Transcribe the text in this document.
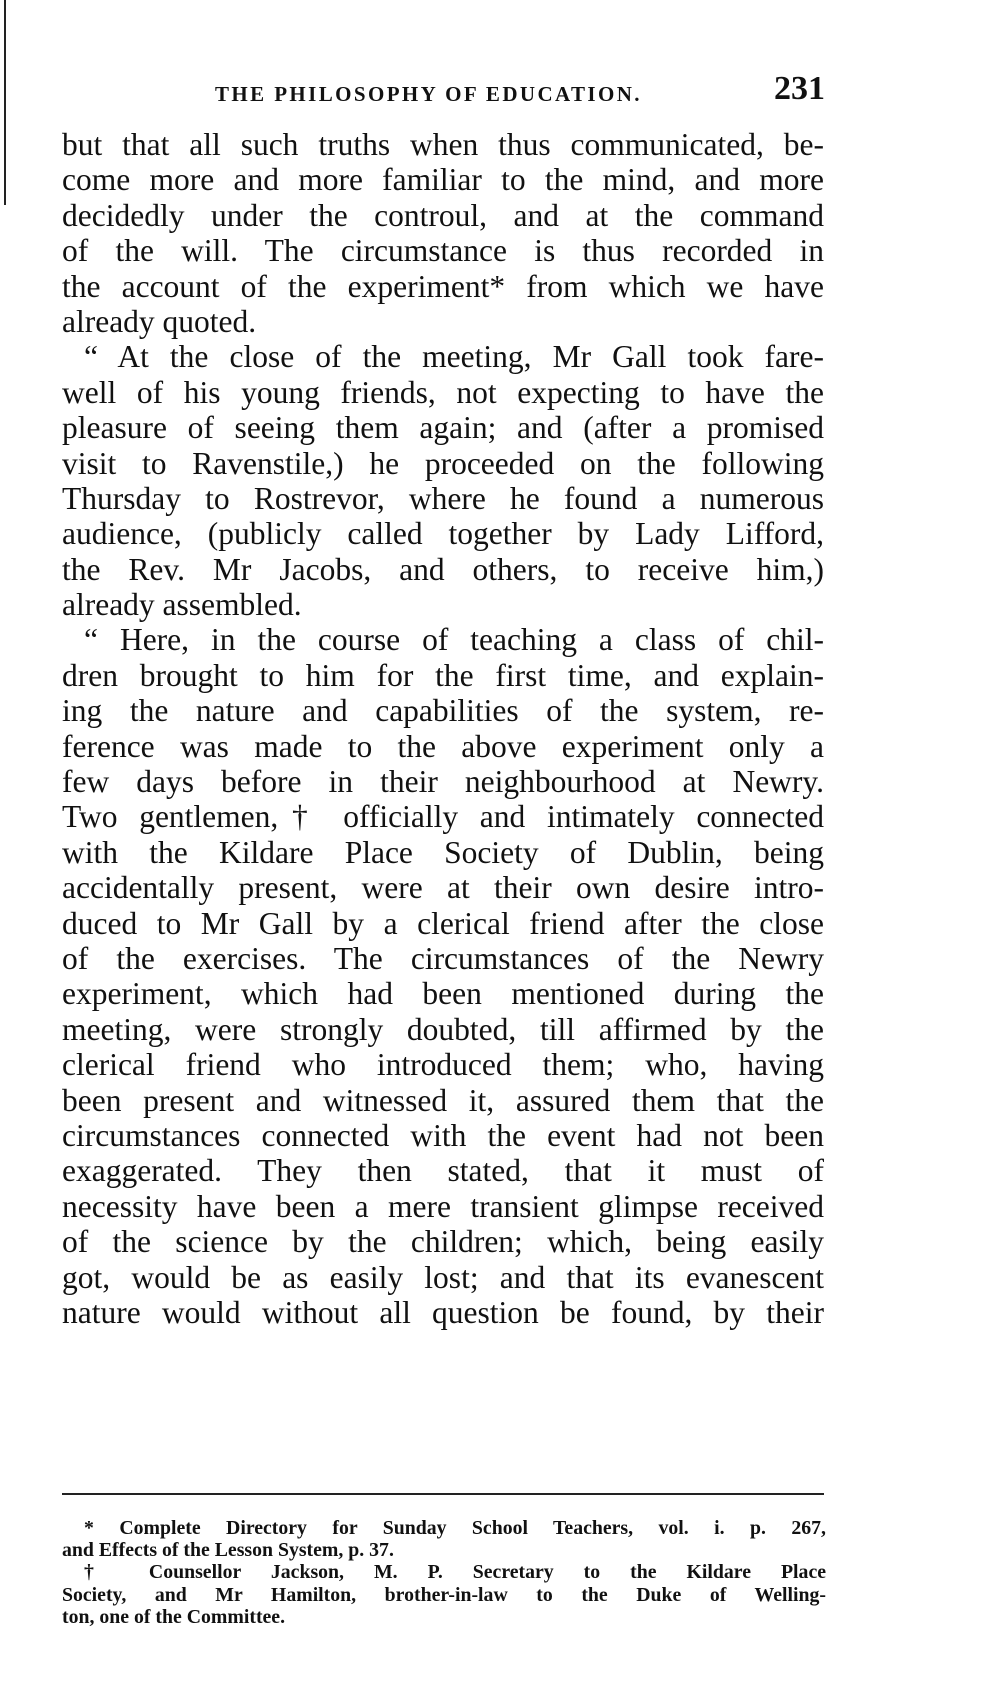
THE PHILOSOPHY OF EDUCATION.	231
but that all such truths when thus communicated, be-
come more and more familiar to the mind, and more
decidedly under the controul, and at the command
of the will. The circumstance is thus recorded in
the account of the experiment* from which we have
already quoted.
“ At the close of the meeting, Mr Gall took fare-
well of his young friends, not expecting to have the
pleasure of seeing them again; and (after a promised
visit to Ravenstile,) he proceeded on the following
Thursday to Rostrevor, where he found a numerous
audience, (publicly called together by Lady Lifford,
the Rev. Mr Jacobs, and others, to receive him,)
already assembled.
“ Here, in the course of teaching a class of chil-
dren brought to him for the first time, and explain-
ing the nature and capabilities of the system, re-
ference was made to the above experiment only a
few days before in their neighbourhood at Newry.
Two gentlemen,† officially and intimately connected
with the Kildare Place Society of Dublin, being
accidentally present, were at their own desire intro-
duced to Mr Gall by a clerical friend after the close
of the exercises. The circumstances of the Newry
experiment, which had been mentioned during the
meeting, were strongly doubted, till affirmed by the
clerical friend who introduced them; who, having
been present and witnessed it, assured them that the
circumstances connected with the event had not been
exaggerated. They then stated, that it must of
necessity have been a mere transient glimpse received
of the science by the children; which, being easily
got, would be as easily lost; and that its evanescent
nature would without all question be found, by their
* Complete Directory for Sunday School Teachers, vol. i. p. 267,
and Effects of the Lesson System, p. 37.
† Counsellor Jackson, M. P. Secretary to the Kildare Place
Society, and Mr Hamilton, brother-in-law to the Duke of Welling-
ton, one of the Committee.
